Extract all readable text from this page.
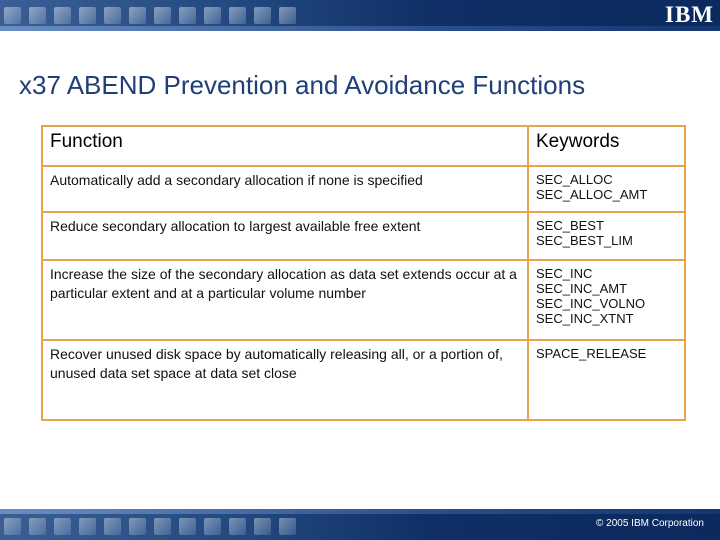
IBM
x37 ABEND Prevention and Avoidance Functions
Function	Keywords
Automatically add a secondary allocation if none is specified	SEC_ALLOC
SEC_ALLOC_AMT

Reduce secondary allocation to largest available free extent	SEC_BEST
SEC_BEST_LIM

Increase the size of the secondary allocation as data set extends occur at a particular extent and at a particular volume number	SEC_INC
SEC_INC_AMT
SEC_INC_VOLNO
SEC_INC_XTNT

Recover unused disk space by automatically releasing all, or a portion of, unused data set space at data set close	SPACE_RELEASE
© 2005 IBM Corporation
